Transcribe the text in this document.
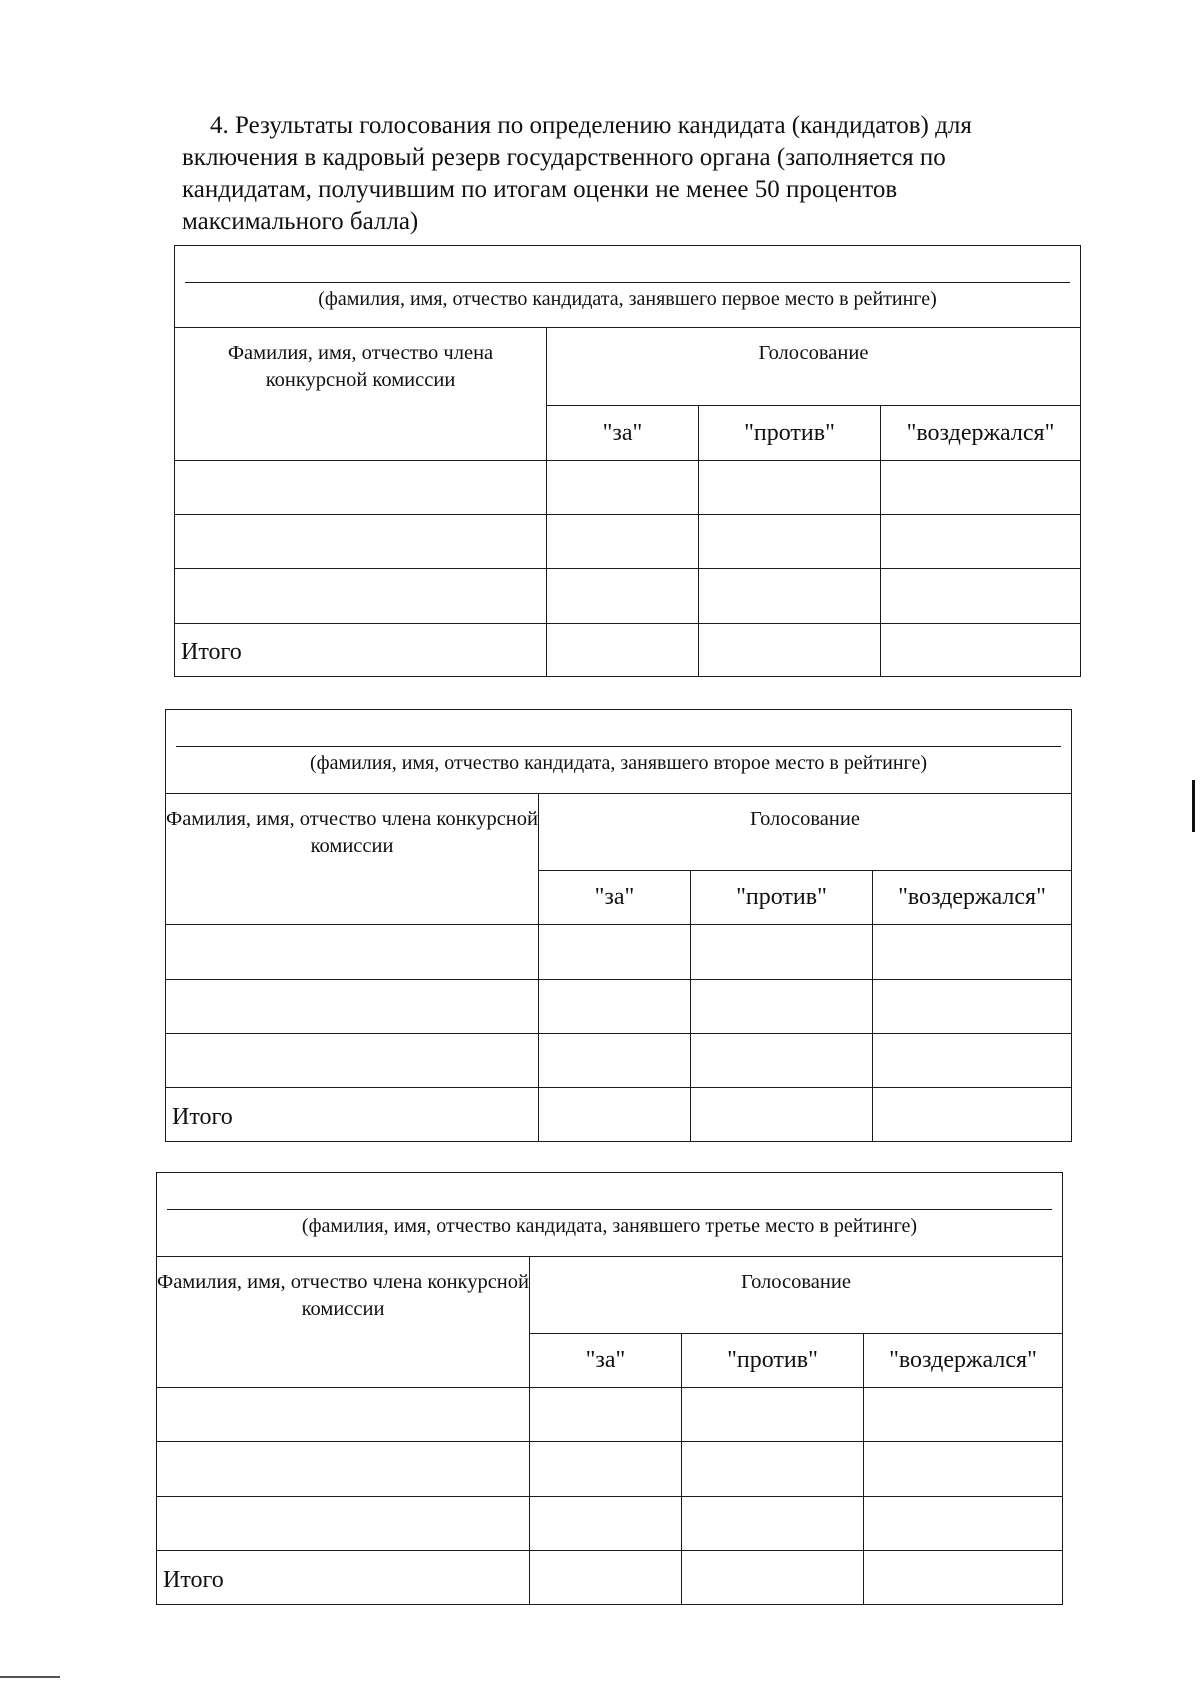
4. Результаты голосования по определению кандидата (кандидатов) для
включения в кадровый резерв государственного органа (заполняется по
кандидатам, получившим по итогам оценки не менее 50 процентов
максимального балла)
(фамилия, имя, отчество кандидата, занявшего первое место в рейтинге)			

Фамилия, имя, отчество члена конкурсной комиссии	Голосование		
	"за"	"против"	"воздержался"

Итого			
(фамилия, имя, отчество кандидата, занявшего второе место в рейтинге)			

Фамилия, имя, отчество члена конкурсной комиссии	Голосование		
	"за"	"против"	"воздержался"

Итого			
(фамилия, имя, отчество кандидата, занявшего третье место в рейтинге)			

Фамилия, имя, отчество члена конкурсной комиссии	Голосование		
	"за"	"против"	"воздержался"

Итого			
